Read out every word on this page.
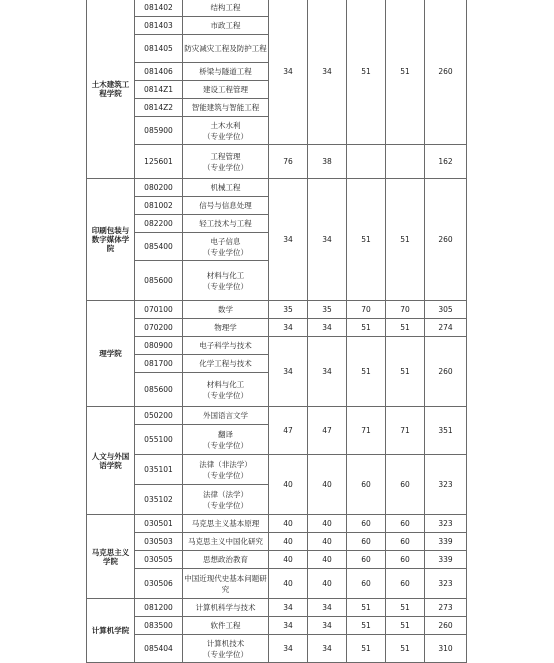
土木建筑工程学院	081402	结构工程	34	34	51	51	260
	081403	市政工程					

	081405	防灾减灾工程及防护工程					

	081406	桥梁与隧道工程					

	0814Z1	建设工程管理					

	0814Z2	智能建筑与智能工程					

	085900	土木水利
（专业学位）					

	125601	工程管理
（专业学位）	76	38			162
印刷包装与数字媒体学院	080200	机械工程	34	34	51	51	260
	081002	信号与信息处理					

	082200	轻工技术与工程					

	085400	电子信息
（专业学位）					

	085600	材料与化工
（专业学位）					

理学院	070100	数学	35	35	70	70	305
	070200	物理学	34	34	51	51	274
	080900	电子科学与技术	34	34	51	51	260
	081700	化学工程与技术					

	085600	材料与化工
（专业学位）					

人文与外国语学院	050200	外国语言文学	47	47	71	71	351
	055100	翻译
（专业学位）					

	035101	法律（非法学）
（专业学位）	40	40	60	60	323
	035102	法律（法学）
（专业学位）					

马克思主义学院	030501	马克思主义基本原理	40	40	60	60	323
	030503	马克思主义中国化研究	40	40	60	60	339
	030505	思想政治教育	40	40	60	60	339
	030506	中国近现代史基本问题研究	40	40	60	60	323
计算机学院	081200	计算机科学与技术	34	34	51	51	273
	083500	软件工程	34	34	51	51	260
	085404	计算机技术
（专业学位）	34	34	51	51	310
